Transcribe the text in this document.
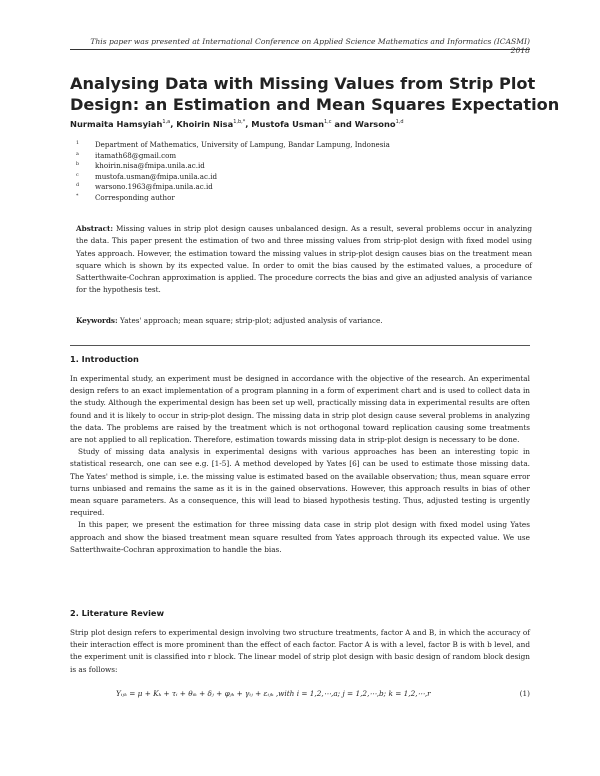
This paper was presented at International Conference on Applied Science Mathematics and Informatics (ICASMI) 2018
Analysing Data with Missing Values from Strip Plot
Design: an Estimation and Mean Squares Expectation
Nurmaita Hamsyiah$^{1,a}$, Khoirin Nisa$^{1,b,*}$, Mustofa Usman$^{1,c}$ and Warsono$^{1,d}$
1 Department of Mathematics, University of Lampung, Bandar Lampung, Indonesia
a itamath68@gmail.com
b khoirin.nisa@fmipa.unila.ac.id
c mustofa.usman@fmipa.unila.ac.id
d warsono.1963@fmipa.unila.ac.id
* Corresponding author
Abstract: Missing values in strip plot design causes unbalanced design. As a result, several problems occur in analyzing the data. This paper present the estimation of two and three missing values from strip-plot design with fixed model using Yates approach. However, the estimation toward the missing values in strip-plot design causes bias on the treatment mean square which is shown by its expected value. In order to omit the bias caused by the estimated values, a procedure of Satterthwaite-Cochran approximation is applied. The procedure corrects the bias and give an adjusted analysis of variance for the hypothesis test.
Keywords: Yates' approach; mean square; strip-plot; adjusted analysis of variance.
1. Introduction

In experimental study, an experiment must be designed in accordance with the objective of the research. An experimental design refers to an exact implementation of a program planning in a form of experiment chart and is used to collect data in the study. Although the experimental design has been set up well, practically missing data in experimental results are often found and it is likely to occur in strip-plot design. The missing data in strip plot design cause several problems in analyzing the data. The problems are raised by the treatment which is not orthogonal toward replication causing some treatments are not applied to all replication. Therefore, estimation towards missing data in strip-plot design is necessary to be done.

Study of missing data analysis in experimental designs with various approaches has been an interesting topic in statistical research, one can see e.g. [1-5]. A method developed by Yates [6] can be used to estimate those missing data. The Yates' method is simple, i.e. the missing value is estimated based on the available observation; thus, mean square error turns unbiased and remains the same as it is in the gained observations. However, this approach results in bias of other mean square parameters. As a consequence, this will lead to biased hypothesis testing. Thus, adjusted testing is urgently required.

In this paper, we present the estimation for three missing data case in strip plot design with fixed model using Yates approach and show the biased treatment mean square resulted from Yates approach through its expected value. We use Satterthwaite-Cochran approximation to handle the bias.

2. Literature Review

Strip plot design refers to experimental design involving two structure treatments, factor A and B, in which the accuracy of their interaction effect is more prominent than the effect of each factor. Factor A is with a level, factor B is with b level, and the experiment unit is classified into r block. The linear model of strip plot design with basic design of random block design is as follows:

Yᵢⱼₖ = μ + Kₖ + τᵢ + θᵢₖ + δⱼ + φⱼₖ + γᵢⱼ + εᵢⱼₖ ,with i = 1,2,⋯,a; j = 1,2,⋯,b; k = 1,2,⋯,r	(1)
